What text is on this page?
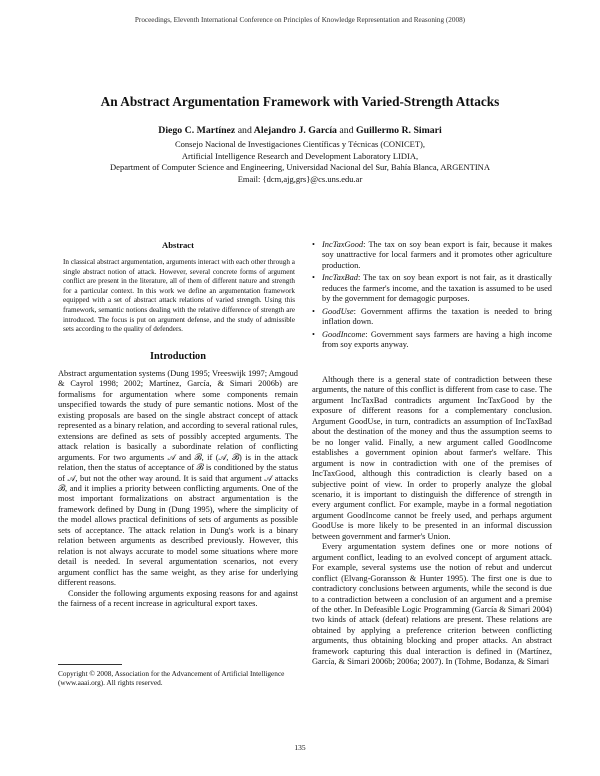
Proceedings, Eleventh International Conference on Principles of Knowledge Representation and Reasoning (2008)
An Abstract Argumentation Framework with Varied-Strength Attacks
Diego C. Martínez and Alejandro J. García and Guillermo R. Simari
Consejo Nacional de Investigaciones Científicas y Técnicas (CONICET),
Artificial Intelligence Research and Development Laboratory LIDIA,
Department of Computer Science and Engineering, Universidad Nacional del Sur, Bahía Blanca, ARGENTINA
Email: {dcm,ajg,grs}@cs.uns.edu.ar
Abstract
In classical abstract argumentation, arguments interact with each other through a single abstract notion of attack. However, several concrete forms of argument conflict are present in the literature, all of them of different nature and strength for a particular context. In this work we define an argumentation framework equipped with a set of abstract attack relations of varied strength. Using this framework, semantic notions dealing with the relative difference of strength are introduced. The focus is put on argument defense, and the study of admissible sets according to the quality of defenders.
Introduction

Abstract argumentation systems (Dung 1995; Vreeswijk 1997; Amgoud & Cayrol 1998; 2002; Martínez, García, & Simari 2006b) are formalisms for argumentation where some components remain unspecified towards the study of pure semantic notions. Most of the existing proposals are based on the single abstract concept of attack represented as a binary relation, and according to several rational rules, extensions are defined as sets of possibly accepted arguments. The attack relation is basically a subordinate relation of conflicting arguments. For two arguments 𝒜 and ℬ, if (𝒜, ℬ) is in the attack relation, then the status of acceptance of ℬ is conditioned by the status of 𝒜, but not the other way around. It is said that argument 𝒜 attacks ℬ, and it implies a priority between conflicting arguments. One of the most important formalizations on abstract argumentation is the framework defined by Dung in (Dung 1995), where the simplicity of the model allows practical definitions of sets of arguments as possible sets of acceptance. The attack relation in Dung's work is a binary relation between arguments as described previously. However, this relation is not always accurate to model some situations where more detail is needed. In several argumentation scenarios, not every argument conflict has the same weight, as they arise for underlying different reasons.

Consider the following arguments exposing reasons for and against the fairness of a recent increase in agricultural export taxes.

Copyright © 2008, Association for the Advancement of Artificial Intelligence (www.aaai.org). All rights reserved.
• IncTaxGood: The tax on soy bean export is fair, because it makes soy unattractive for local farmers and it promotes other agriculture production.
• IncTaxBad: The tax on soy bean export is not fair, as it drastically reduces the farmer's income, and the taxation is assumed to be used by the government for demagogic purposes.
• GoodUse: Government affirms the taxation is needed to bring inflation down.
• GoodIncome: Government says farmers are having a high income from soy exports anyway.

Although there is a general state of contradiction between these arguments, the nature of this conflict is different from case to case. The argument IncTaxBad contradicts argument IncTaxGood by the exposure of different reasons for a complementary conclusion. Argument GoodUse, in turn, contradicts an assumption of IncTaxBad about the destination of the money and thus the assumption seems to be no longer valid. Finally, a new argument called GoodIncome establishes a government opinion about farmer's welfare. This argument is now in contradiction with one of the premises of IncTaxGood, although this contradiction is clearly based on a subjective point of view. In order to properly analyze the global scenario, it is important to distinguish the difference of strength in every argument conflict. For example, maybe in a formal negotiation argument GoodIncome cannot be freely used, and perhaps argument GoodUse is more likely to be presented in an informal discussion between government and farmer's Union.

Every argumentation system defines one or more notions of argument conflict, leading to an evolved concept of argument attack. For example, several systems use the notion of rebut and undercut conflict (Elvang-Goransson & Hunter 1995). The first one is due to contradictory conclusions between arguments, while the second is due to a contradiction between a conclusion of an argument and a premise of the other. In Defeasible Logic Programming (García & Simari 2004) two kinds of attack (defeat) relations are present. These relations are obtained by applying a preference criterion between conflicting arguments, thus obtaining blocking and proper attacks. An abstract framework capturing this dual interaction is defined in (Martínez, García, & Simari 2006b; 2006a; 2007). In (Tohme, Bodanza, & Simari

135
